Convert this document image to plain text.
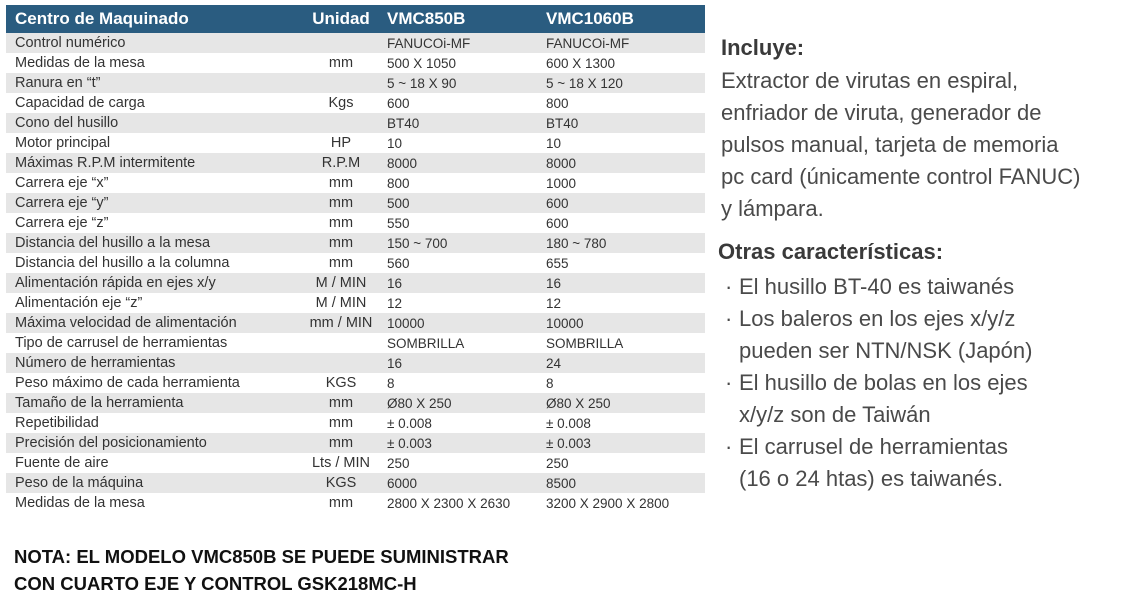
Centro de Maquinado	Unidad	VMC850B	VMC1060B
Control numérico		FANUCOi-MF	FANUCOi-MF
Medidas de la mesa	mm	500 X 1050	600 X 1300
Ranura en “t”		5 ~ 18 X 90	5 ~ 18 X 120
Capacidad de carga	Kgs	600	800
Cono del husillo		BT40	BT40
Motor principal	HP	10	10
Máximas R.P.M intermitente	R.P.M	8000	8000
Carrera eje “x”	mm	800	1000
Carrera eje “y”	mm	500	600
Carrera eje “z”	mm	550	600
Distancia del husillo a la mesa	mm	150 ~ 700	180 ~ 780
Distancia del husillo a la columna	mm	560	655
Alimentación rápida en ejes x/y	M / MIN	16	16
Alimentación eje “z”	M / MIN	12	12
Máxima velocidad de alimentación	mm / MIN	10000	10000
Tipo de carrusel de herramientas		SOMBRILLA	SOMBRILLA
Número de herramientas		16	24
Peso máximo de cada herramienta	KGS	8	8
Tamaño de la herramienta	mm	Ø80 X 250	Ø80 X 250
Repetibilidad	mm	± 0.008	± 0.008
Precisión del posicionamiento	mm	± 0.003	± 0.003
Fuente de aire	Lts / MIN	250	250
Peso de la máquina	KGS	6000	8500
Medidas de la mesa	mm	2800 X 2300 X 2630	3200 X 2900 X 2800
NOTA: EL MODELO VMC850B SE PUEDE SUMINISTRAR
CON CUARTO EJE Y CONTROL GSK218MC-H
Incluye:
Extractor de virutas en espiral,
enfriador de viruta, generador de
pulsos manual, tarjeta de memoria
pc card (únicamente control FANUC)
y lámpara.
Otras características:
· El husillo BT-40 es taiwanés
· Los baleros en los ejes x/y/z
pueden ser NTN/NSK (Japón)
· El husillo de bolas en los ejes
x/y/z son de Taiwán
· El carrusel de herramientas
(16 o 24 htas) es taiwanés.
